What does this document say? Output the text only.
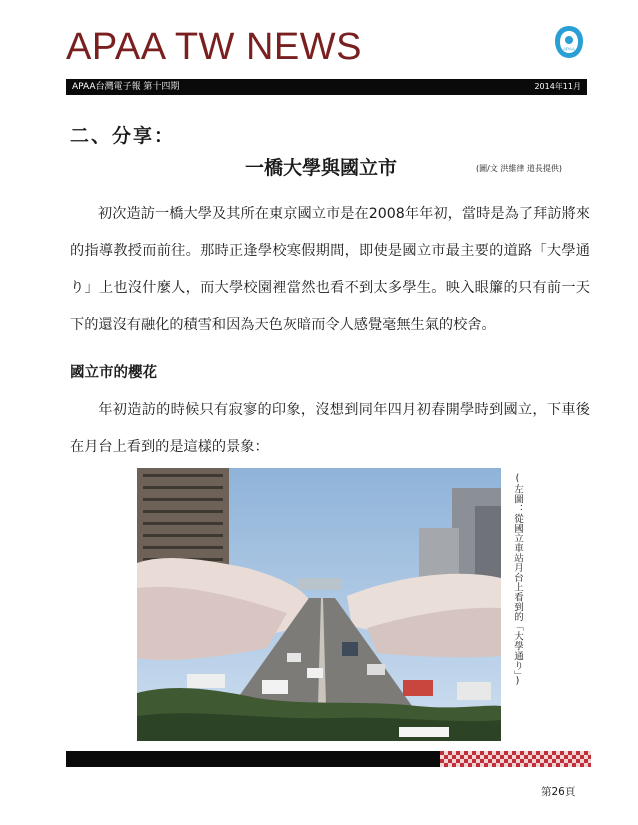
APAA TW NEWS	APAA
APAA台灣電子報 第十四期	2014年11月
二、分享：
一橋大學與國立市	(圖/文 洪維律 道長提供)

初次造訪一橋大學及其所在東京國立市是在2008年年初，當時是為了拜訪將來的指導教授而前往。那時正逢學校寒假期間，即使是國立市最主要的道路「大學通り」上也沒什麼人，而大學校園裡當然也看不到太多學生。映入眼簾的只有前一天下的還沒有融化的積雪和因為天色灰暗而令人感覺毫無生氣的校舍。

國立市的櫻花

年初造訪的時候只有寂寥的印象，沒想到同年四月初春開學時到國立，下車後在月台上看到的是這樣的景象：

(左圖：從國立車站月台上看到的「大學通り」)
第26頁
